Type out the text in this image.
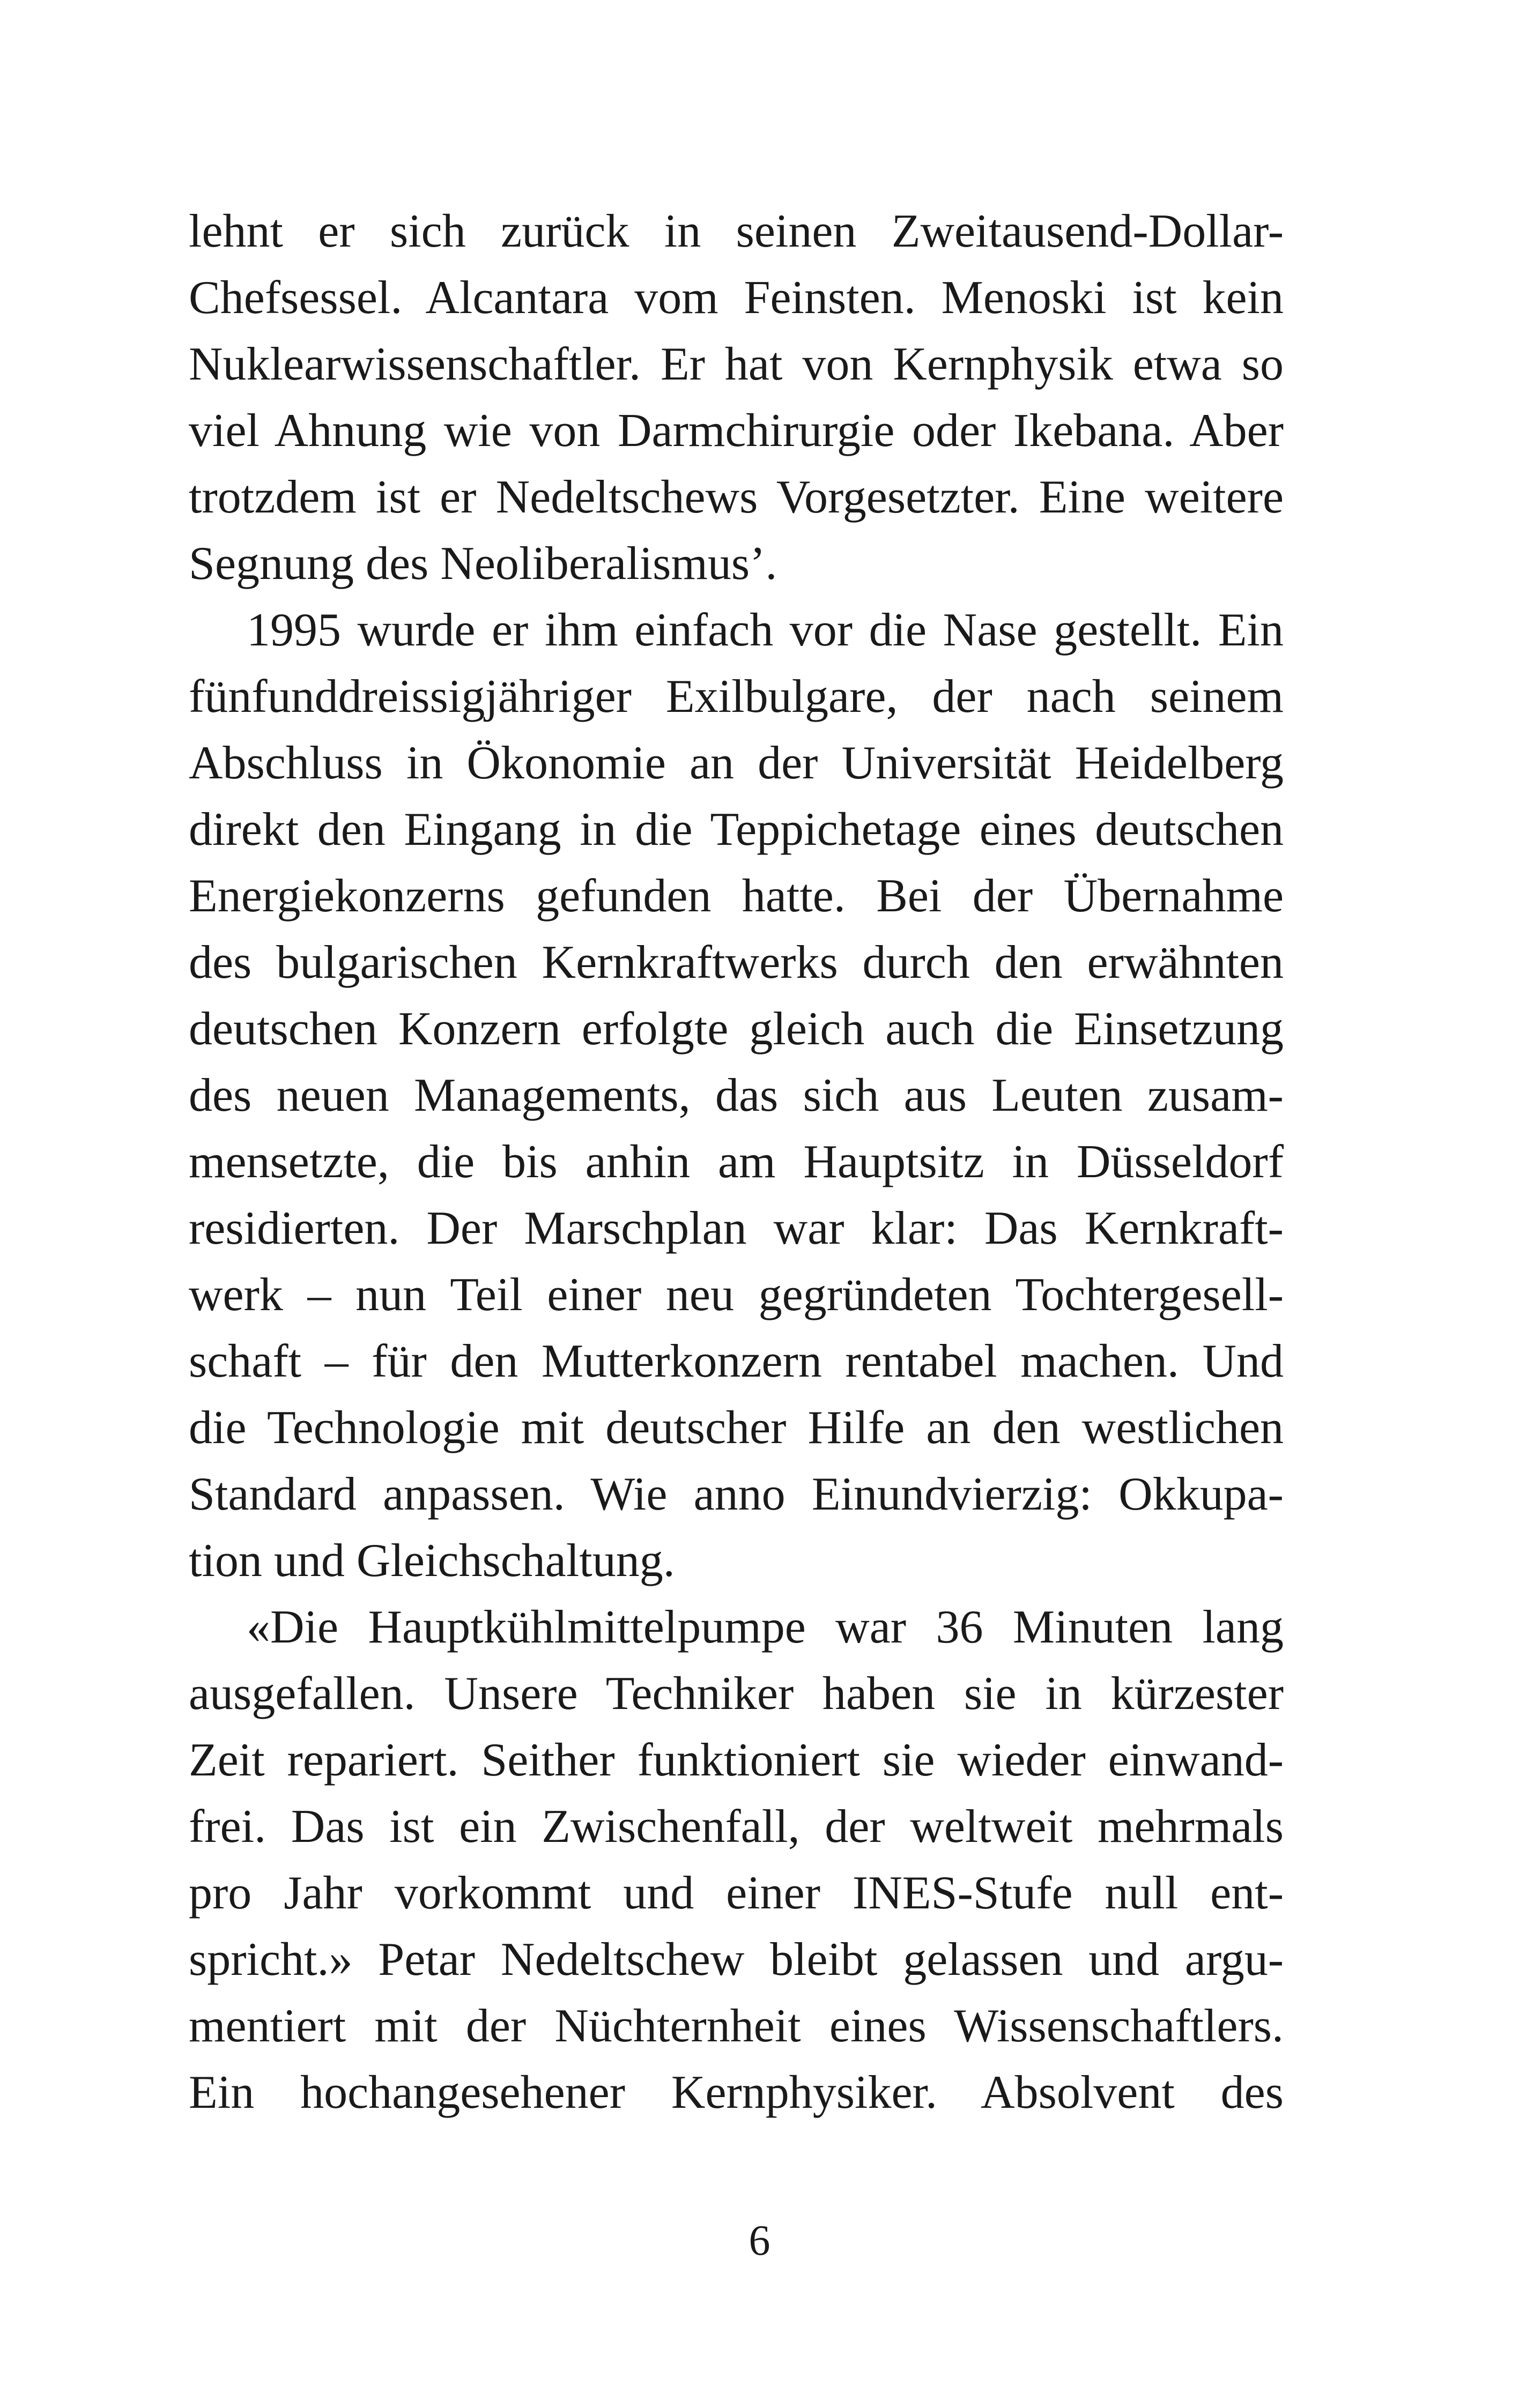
lehnt er sich zurück in seinen Zweitausend-Dollar-
Chefsessel. Alcantara vom Feinsten. Menoski ist kein
Nuklearwissenschaftler. Er hat von Kernphysik etwa so
viel Ahnung wie von Darmchirurgie oder Ikebana. Aber
trotzdem ist er Nedeltschews Vorgesetzter. Eine weitere
Segnung des Neoliberalismus’.
1995 wurde er ihm einfach vor die Nase gestellt. Ein
fünfunddreissigjähriger Exilbulgare, der nach seinem
Abschluss in Ökonomie an der Universität Heidelberg
direkt den Eingang in die Teppichetage eines deutschen
Energiekonzerns gefunden hatte. Bei der Übernahme
des bulgarischen Kernkraftwerks durch den erwähnten
deutschen Konzern erfolgte gleich auch die Einsetzung
des neuen Managements, das sich aus Leuten zusam-
mensetzte, die bis anhin am Hauptsitz in Düsseldorf
residierten. Der Marschplan war klar: Das Kernkraft-
werk – nun Teil einer neu gegründeten Tochtergesell-
schaft – für den Mutterkonzern rentabel machen. Und
die Technologie mit deutscher Hilfe an den westlichen
Standard anpassen. Wie anno Einundvierzig: Okkupa-
tion und Gleichschaltung.
«Die Hauptkühlmittelpumpe war 36 Minuten lang
ausgefallen. Unsere Techniker haben sie in kürzester
Zeit repariert. Seither funktioniert sie wieder einwand-
frei. Das ist ein Zwischenfall, der weltweit mehrmals
pro Jahr vorkommt und einer INES-Stufe null ent-
spricht.» Petar Nedeltschew bleibt gelassen und argu-
mentiert mit der Nüchternheit eines Wissenschaftlers.
Ein hochangesehener Kernphysiker. Absolvent des
6
